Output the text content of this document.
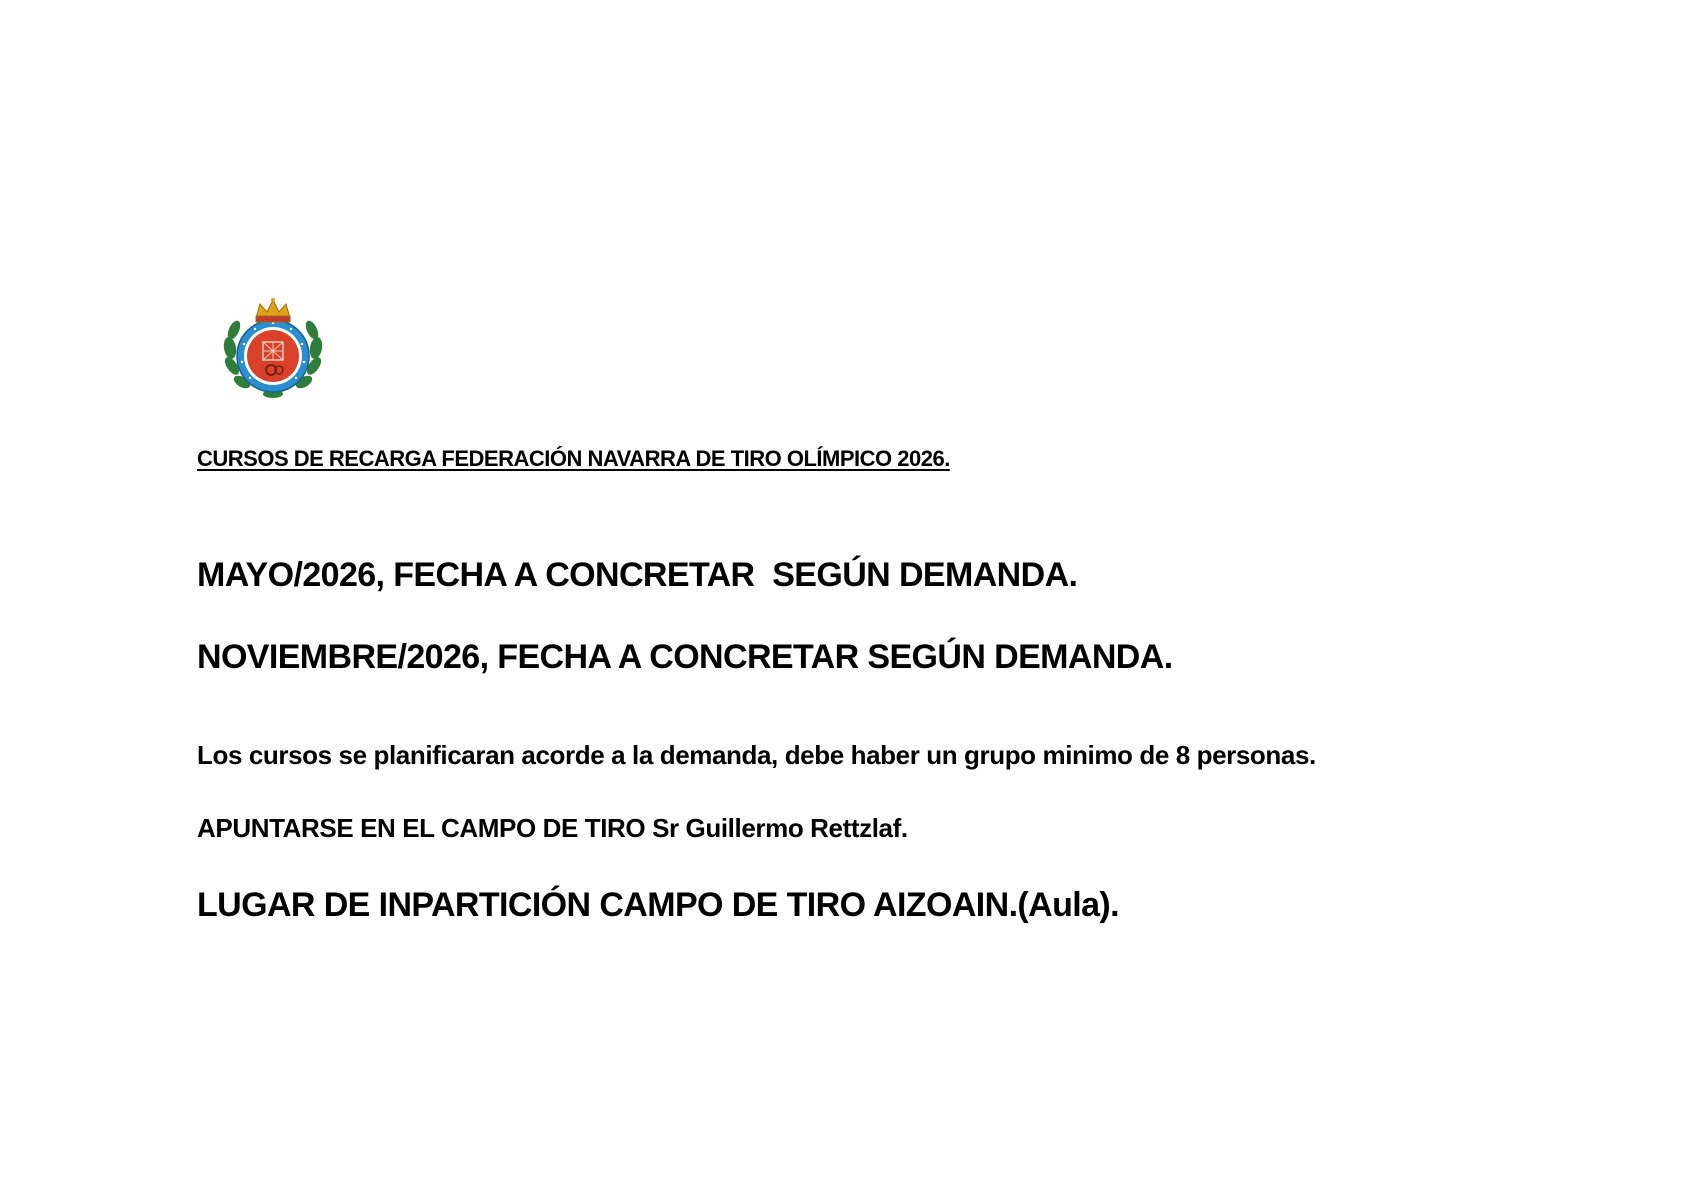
CURSOS DE RECARGA FEDERACIÓN NAVARRA DE TIRO OLÍMPICO 2026.
MAYO/2026, FECHA A CONCRETAR  SEGÚN DEMANDA.
NOVIEMBRE/2026, FECHA A CONCRETAR SEGÚN DEMANDA.
Los cursos se planificaran acorde a la demanda, debe haber un grupo minimo de 8 personas.
APUNTARSE EN EL CAMPO DE TIRO Sr Guillermo Rettzlaf.
LUGAR DE INPARTICIÓN CAMPO DE TIRO AIZOAIN.(Aula).
